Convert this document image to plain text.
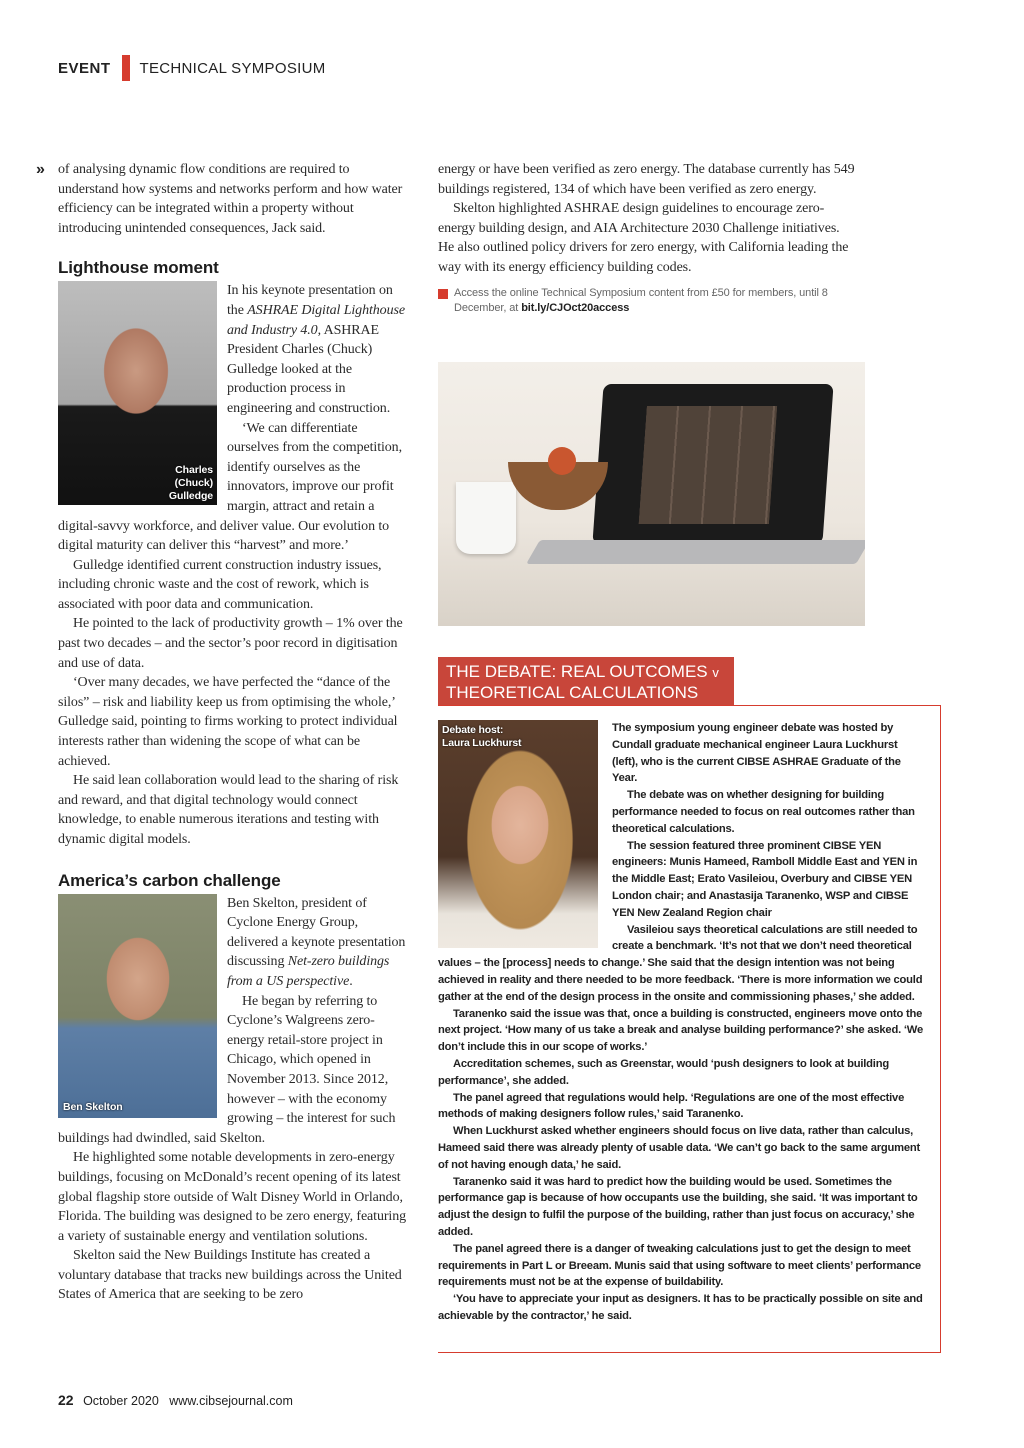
EVENT TECHNICAL SYMPOSIUM
» of analysing dynamic flow conditions are required to understand how systems and networks perform and how water efficiency can be integrated within a property without introducing unintended consequences, Jack said.

Lighthouse moment
Charles (Chuck) Gulledge

In his keynote presentation on the ASHRAE Digital Lighthouse and Industry 4.0, ASHRAE President Charles (Chuck) Gulledge looked at the production process in engineering and construction.

‘We can differentiate ourselves from the competition, identify ourselves as the innovators, improve our profit margin, attract and retain a digital-savvy workforce, and deliver value. Our evolution to digital maturity can deliver this “harvest” and more.’

Gulledge identified current construction industry issues, including chronic waste and the cost of rework, which is associated with poor data and communication.

He pointed to the lack of productivity growth – 1% over the past two decades – and the sector’s poor record in digitisation and use of data.

‘Over many decades, we have perfected the “dance of the silos” – risk and liability keep us from optimising the whole,’ Gulledge said, pointing to firms working to protect individual interests rather than widening the scope of what can be achieved.

He said lean collaboration would lead to the sharing of risk and reward, and that digital technology would connect knowledge, to enable numerous iterations and testing with dynamic digital models.

America’s carbon challenge
Ben Skelton

Ben Skelton, president of Cyclone Energy Group, delivered a keynote presentation discussing Net-zero buildings from a US perspective.

He began by referring to Cyclone’s Walgreens zero-energy retail-store project in Chicago, which opened in November 2013. Since 2012, however – with the economy growing – the interest for such buildings had dwindled, said Skelton.

He highlighted some notable developments in zero-energy buildings, focusing on McDonald’s recent opening of its latest global flagship store outside of Walt Disney World in Orlando, Florida. The building was designed to be zero energy, featuring a variety of sustainable energy and ventilation solutions.

Skelton said the New Buildings Institute has created a voluntary database that tracks new buildings across the United States of America that are seeking to be zero

energy or have been verified as zero energy. The database currently has 549 buildings registered, 134 of which have been verified as zero energy.

Skelton highlighted ASHRAE design guidelines to encourage zero-energy building design, and AIA Architecture 2030 Challenge initiatives. He also outlined policy drivers for zero energy, with California leading the way with its energy efficiency building codes.

Access the online Technical Symposium content from £50 for members, until 8 December, at bit.ly/CJOct20access
THE DEBATE: REAL OUTCOMES v
THEORETICAL CALCULATIONS
Debate host: Laura Luckhurst

The symposium young engineer debate was hosted by Cundall graduate mechanical engineer Laura Luckhurst (left), who is the current CIBSE ASHRAE Graduate of the Year.

The debate was on whether designing for building performance needed to focus on real outcomes rather than theoretical calculations.

The session featured three prominent CIBSE YEN engineers: Munis Hameed, Ramboll Middle East and YEN in the Middle East; Erato Vasileiou, Overbury and CIBSE YEN London chair; and Anastasija Taranenko, WSP and CIBSE YEN New Zealand Region chair

Vasileiou says theoretical calculations are still needed to create a benchmark. ‘It’s not that we don’t need theoretical values – the [process] needs to change.’ She said that the design intention was not being achieved in reality and there needed to be more feedback. ‘There is more information we could gather at the end of the design process in the onsite and commissioning phases,’ she added.

Taranenko said the issue was that, once a building is constructed, engineers move onto the next project. ‘How many of us take a break and analyse building performance?’ she asked. ‘We don’t include this in our scope of works.’

Accreditation schemes, such as Greenstar, would ‘push designers to look at building performance’, she added.

The panel agreed that regulations would help. ‘Regulations are one of the most effective methods of making designers follow rules,’ said Taranenko.

When Luckhurst asked whether engineers should focus on live data, rather than calculus, Hameed said there was already plenty of usable data. ‘We can’t go back to the same argument of not having enough data,’ he said.

Taranenko said it was hard to predict how the building would be used. Sometimes the performance gap is because of how occupants use the building, she said. ‘It was important to adjust the design to fulfil the purpose of the building, rather than just focus on accuracy,’ she added.

The panel agreed there is a danger of tweaking calculations just to get the design to meet requirements in Part L or Breeam. Munis said that using software to meet clients’ performance requirements must not be at the expense of buildability.

‘You have to appreciate your input as designers. It has to be practically possible on site and achievable by the contractor,’ he said.

22 October 2020 www.cibsejournal.com
